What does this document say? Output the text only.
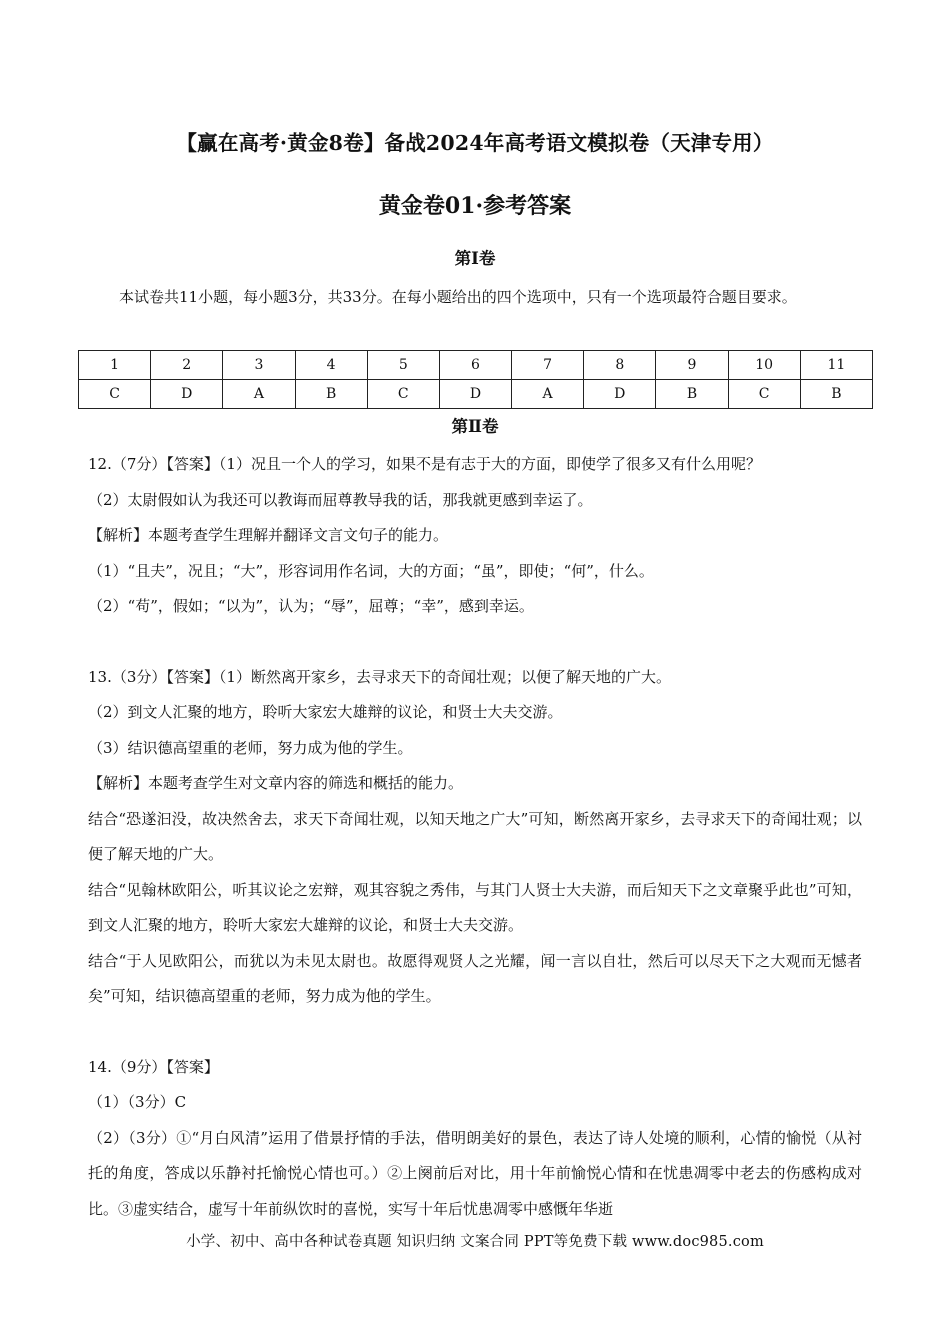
【赢在高考·黄金8卷】备战2024年高考语文模拟卷（天津专用）
黄金卷01·参考答案
第Ⅰ卷
本试卷共11小题，每小题3分，共33分。在每小题给出的四个选项中，只有一个选项最符合题目要求。
1	2	3	4	5	6	7	8	9	10	11
C	D	A	B	C	D	A	D	B	C	B
第Ⅱ卷

12.（7分）【答案】（1）况且一个人的学习，如果不是有志于大的方面，即使学了很多又有什么用呢？

（2）太尉假如认为我还可以教诲而屈尊教导我的话，那我就更感到幸运了。

【解析】本题考查学生理解并翻译文言文句子的能力。

（1）“且夫”，况且；“大”，形容词用作名词，大的方面；“虽”，即使；“何”，什么。

（2）“苟”，假如；“以为”，认为；“辱”，屈尊；“幸”，感到幸运。

13.（3分）【答案】（1）断然离开家乡，去寻求天下的奇闻壮观；以便了解天地的广大。

（2）到文人汇聚的地方，聆听大家宏大雄辩的议论，和贤士大夫交游。

（3）结识德高望重的老师，努力成为他的学生。

【解析】本题考查学生对文章内容的筛选和概括的能力。

结合“恐遂汩没，故决然舍去，求天下奇闻壮观，以知天地之广大”可知，断然离开家乡，去寻求天下的奇闻壮观；以便了解天地的广大。

结合“见翰林欧阳公，听其议论之宏辩，观其容貌之秀伟，与其门人贤士大夫游，而后知天下之文章聚乎此也”可知，到文人汇聚的地方，聆听大家宏大雄辩的议论，和贤士大夫交游。

结合“于人见欧阳公，而犹以为未见太尉也。故愿得观贤人之光耀，闻一言以自壮，然后可以尽天下之大观而无憾者矣”可知，结识德高望重的老师，努力成为他的学生。

14.（9分）【答案】

（1）（3分）C

（2）（3分）①“月白风清”运用了借景抒情的手法，借明朗美好的景色，表达了诗人处境的顺利，心情的愉悦（从衬托的角度，答成以乐静衬托愉悦心情也可。）②上阕前后对比，用十年前愉悦心情和在忧患凋零中老去的伤感构成对比。③虚实结合，虚写十年前纵饮时的喜悦，实写十年后忧患凋零中感慨年华逝

小学、初中、高中各种试卷真题 知识归纳 文案合同 PPT等免费下载 www.doc985.com
